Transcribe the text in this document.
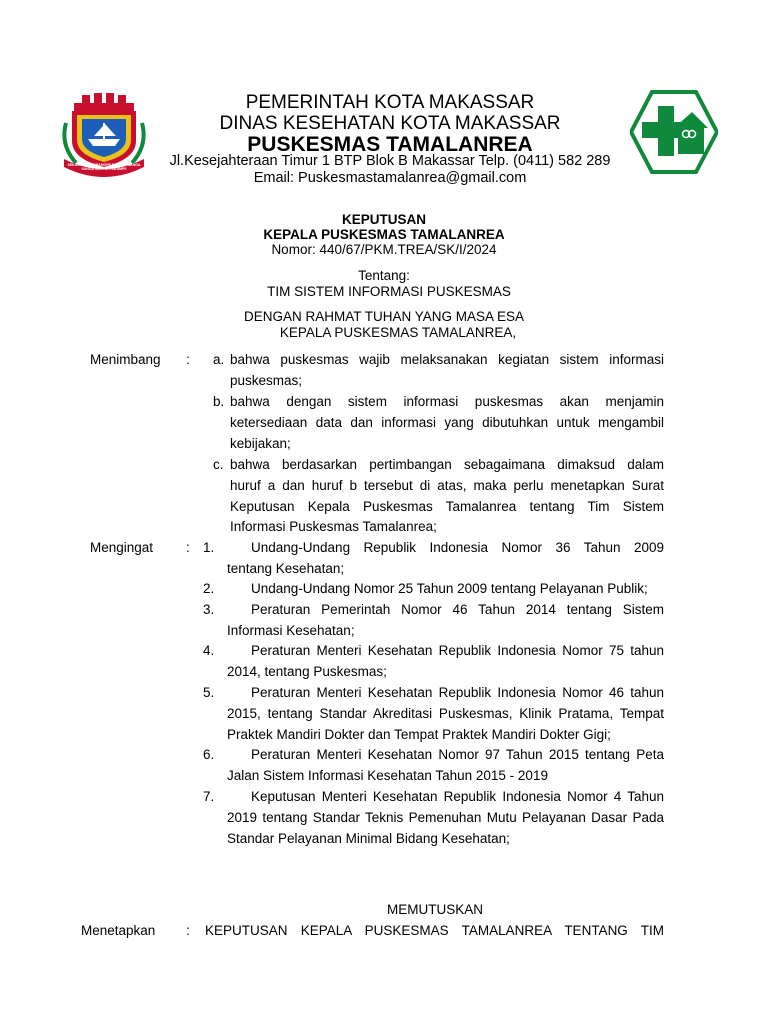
SEKALIPANE DERAMOPE PAROPO SANGA SANGA SARUNI PARAMPE
PEMERINTAH KOTA MAKASSAR
DINAS KESEHATAN KOTA MAKASSAR
PUSKESMAS TAMALANREA
Jl.Kesejahteraan Timur 1 BTP Blok B Makassar Telp. (0411) 582 289
Email: Puskesmastamalanrea@gmail.com
KEPUTUSAN
KEPALA PUSKESMAS TAMALANREA
Nomor: 440/67/PKM.TREA/SK/I/2024
Tentang:
TIM SISTEM INFORMASI PUSKESMAS
DENGAN RAHMAT TUHAN YANG MASA ESA
KEPALA PUSKESMAS TAMALANREA,
Menimbang : a. bahwa puskesmas wajib melaksanakan kegiatan sistem informasi
puskesmas;
b. bahwa dengan sistem informasi puskesmas akan menjamin
ketersediaan data dan informasi yang dibutuhkan untuk mengambil kebijakan;
c. bahwa berdasarkan pertimbangan sebagaimana dimaksud dalam
huruf a dan huruf b tersebut di atas, maka perlu menetapkan Surat Keputusan Kepala Puskesmas Tamalanrea tentang Tim Sistem Informasi Puskesmas Tamalanrea;
Mengingat : 1.	Undang-Undang Republik Indonesia Nomor 36 Tahun 2009
tentang Kesehatan;
2.	Undang-Undang Nomor 25 Tahun 2009 tentang Pelayanan Publik;
3.	Peraturan Pemerintah Nomor 46 Tahun 2014 tentang Sistem
Informasi Kesehatan;
4.	Peraturan Menteri Kesehatan Republik Indonesia Nomor 75 tahun
2014, tentang Puskesmas;
5.	Peraturan Menteri Kesehatan Republik Indonesia Nomor 46 tahun
2015, tentang Standar Akreditasi Puskesmas, Klinik Pratama, Tempat Praktek Mandiri Dokter dan Tempat Praktek Mandiri Dokter Gigi;
6.	Peraturan Menteri Kesehatan Nomor 97 Tahun 2015 tentang Peta
Jalan Sistem Informasi Kesehatan Tahun 2015 - 2019
7.	Keputusan Menteri Kesehatan Republik Indonesia Nomor 4 Tahun
2019 tentang Standar Teknis Pemenuhan Mutu Pelayanan Dasar Pada Standar Pelayanan Minimal Bidang Kesehatan;
MEMUTUSKAN
Menetapkan : KEPUTUSAN KEPALA PUSKESMAS TAMALANREA TENTANG TIM
